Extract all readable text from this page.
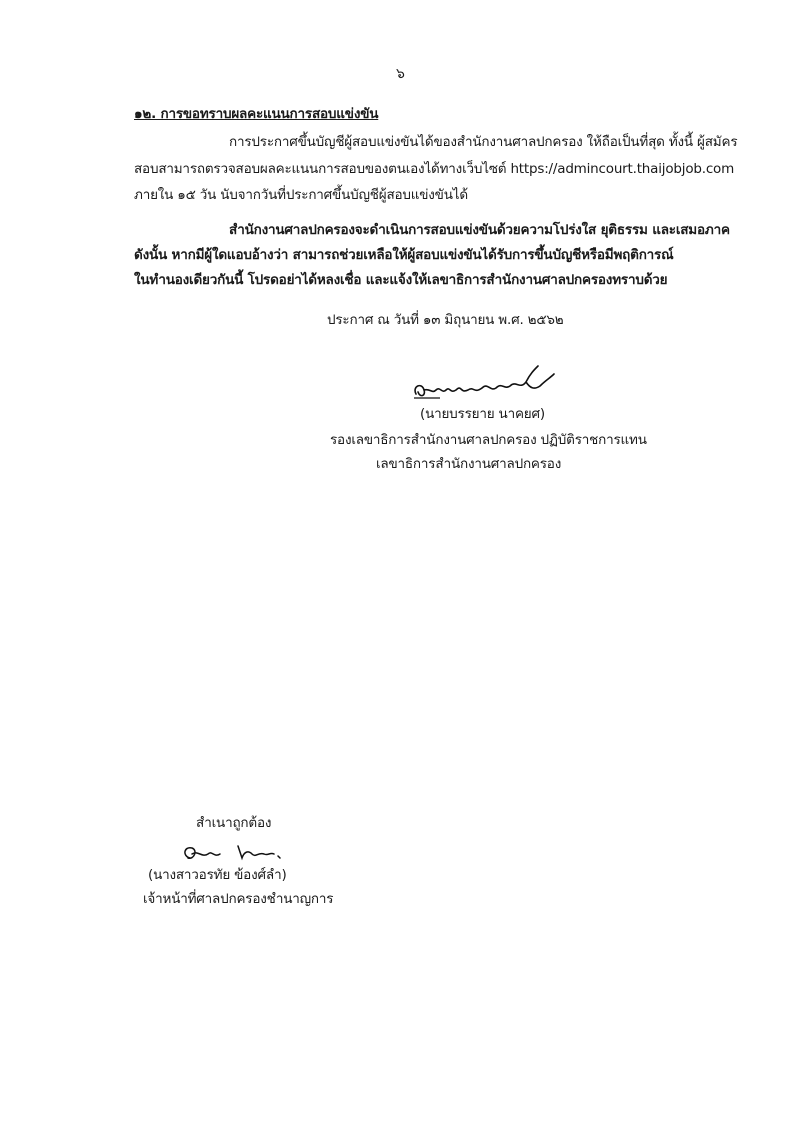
๖
๑๒. การขอทราบผลคะแนนการสอบแข่งขัน
การประกาศขึ้นบัญชีผู้สอบแข่งขันได้ของสำนักงานศาลปกครอง ให้ถือเป็นที่สุด ทั้งนี้ ผู้สมัคร
สอบสามารถตรวจสอบผลคะแนนการสอบของตนเองได้ทางเว็บไซต์ https://admincourt.thaijobjob.com
ภายใน ๑๕ วัน นับจากวันที่ประกาศขึ้นบัญชีผู้สอบแข่งขันได้
สำนักงานศาลปกครองจะดำเนินการสอบแข่งขันด้วยความโปร่งใส ยุติธรรม และเสมอภาค
ดังนั้น หากมีผู้ใดแอบอ้างว่า สามารถช่วยเหลือให้ผู้สอบแข่งขันได้รับการขึ้นบัญชีหรือมีพฤติการณ์
ในทำนองเดียวกันนี้ โปรดอย่าได้หลงเชื่อ และแจ้งให้เลขาธิการสำนักงานศาลปกครองทราบด้วย
ประกาศ ณ วันที่ ๑๓ มิถุนายน พ.ศ. ๒๕๖๒
(นายบรรยาย นาคยศ)
รองเลขาธิการสำนักงานศาลปกครอง ปฏิบัติราชการแทน
เลขาธิการสำนักงานศาลปกครอง
สำเนาถูกต้อง
(นางสาวอรทัย ข้องศ์ลำ)
เจ้าหน้าที่ศาลปกครองชำนาญการ
